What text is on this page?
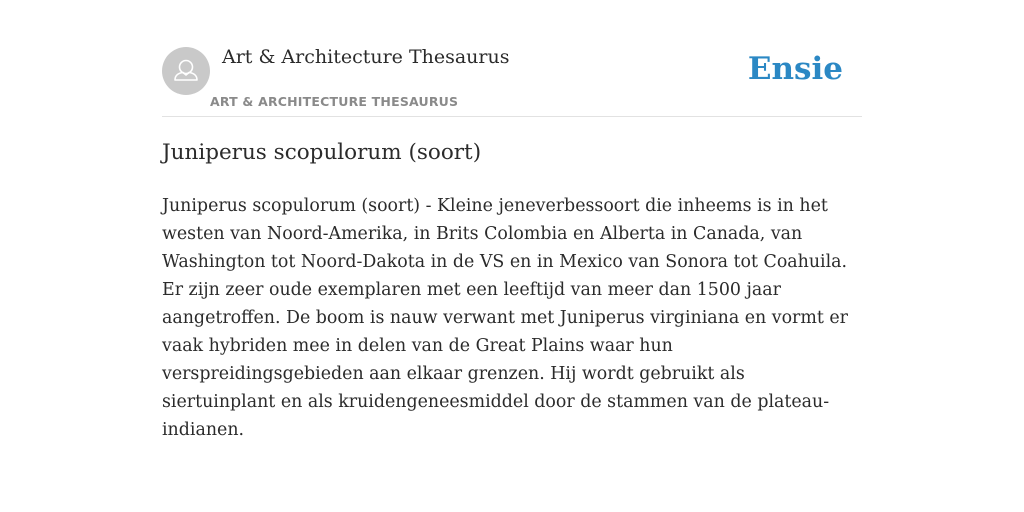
Art & Architecture Thesaurus
ART & ARCHITECTURE THESAURUS
Ensie
Juniperus scopulorum (soort)

Juniperus scopulorum (soort) - Kleine jeneverbessoort die inheems is in het westen van Noord-Amerika, in Brits Colombia en Alberta in Canada, van Washington tot Noord-Dakota in de VS en in Mexico van Sonora tot Coahuila. Er zijn zeer oude exemplaren met een leeftijd van meer dan 1500 jaar aangetroffen. De boom is nauw verwant met Juniperus virginiana en vormt er vaak hybriden mee in delen van de Great Plains waar hun verspreidingsgebieden aan elkaar grenzen. Hij wordt gebruikt als siertuinplant en als kruidengeneesmiddel door de stammen van de plateau-indianen.
